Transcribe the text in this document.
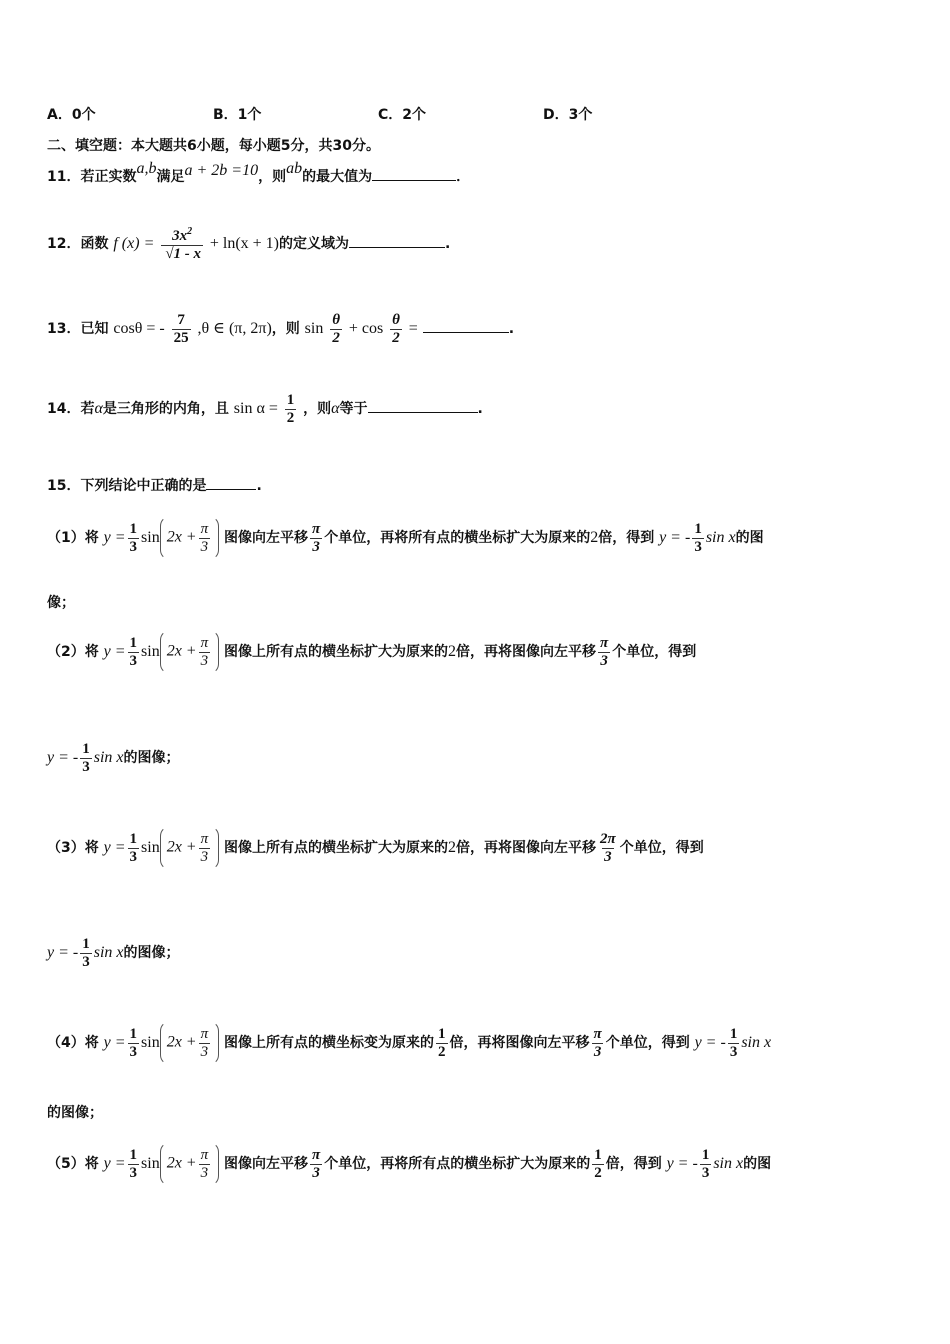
A．0个	B．1个	C．2个	D．3个
二、填空题：本大题共6小题，每小题5分，共30分。
11．若正实数a,b满足a + 2b =10，则ab的最大值为	．
12．函数 f $(x) = \frac{3x^2}{√1 - x} + \ln(x + 1)$的定义域为	.
13．已知 cosθ = - $\frac{7}{25} ,\theta$ ∈ (π, 2π)，则 $\sin \frac{\theta}{2} + \cos \frac{\theta}{2}$ =	.
14．若α是三角形的内角，且 $\sin \alpha = \frac{1}{2}$ ，则α等于	.
15．下列结论中正确的是	.
（1）将 $y = \frac{1}{3}$ $\sin 2x + \frac{\pi}{3}$ 图像向左平移 $\frac{\pi}{3}$ 个单位，再将所有点的横坐标扩大为原来的2倍，得到 y = - $\frac{1}{3}$ sin x的图
像；
（2）将 $y = \frac{1}{3}$ $\sin 2x + \frac{\pi}{3}$ 图像上所有点的横坐标扩大为原来的2倍，再将图像向左平移 $\frac{\pi}{3}$ 个单位，得到
y = - $\frac{1}{3}$ sin x的图像；
（3）将 $y = \frac{1}{3}$ $\sin 2x + \frac{\pi}{3}$ 图像上所有点的横坐标扩大为原来的2倍，再将图像向左平移 $\frac{2\pi}{3}$ 个单位，得到
y = - $\frac{1}{3}$ sin x的图像；
（4）将 $y = \frac{1}{3}$ $\sin 2x + \frac{\pi}{3}$ 图像上所有点的横坐标变为原来的 $\frac{1}{2}$ 倍，再将图像向左平移 $\frac{\pi}{3}$ 个单位，得到 y = - $\frac{1}{3}$ sin x
的图像；
（5）将 $y = \frac{1}{3}$ $\sin 2x + \frac{\pi}{3}$ 图像向左平移 $\frac{\pi}{3}$ 个单位，再将所有点的横坐标扩大为原来的 $\frac{1}{2}$ 倍，得到 y = - $\frac{1}{3}$ sin x的图
